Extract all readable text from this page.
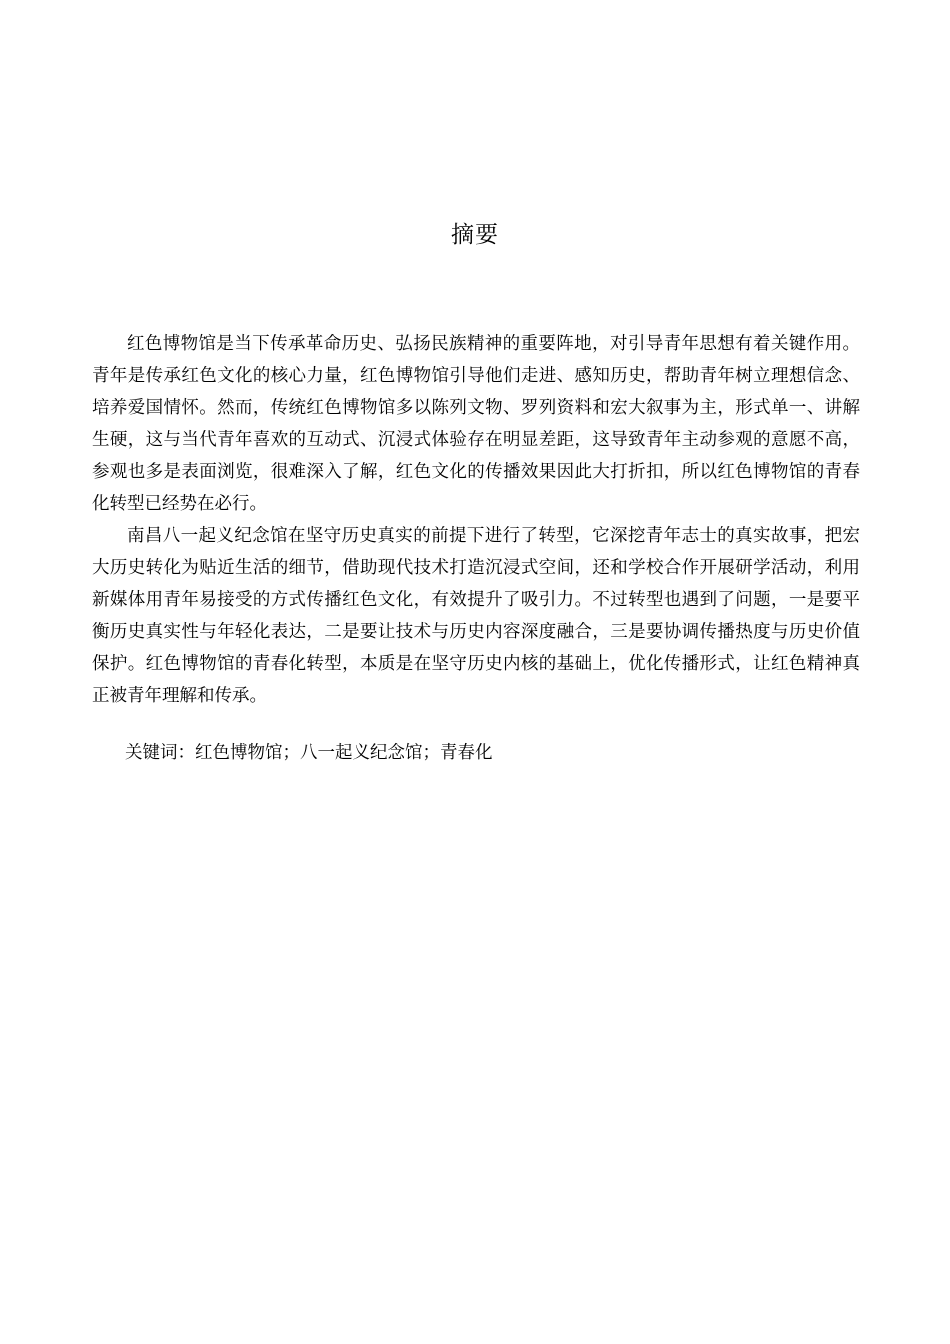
摘要

红色博物馆是当下传承革命历史、弘扬民族精神的重要阵地，对引导青年思想有着关键作用。青年是传承红色文化的核心力量，红色博物馆引导他们走进、感知历史，帮助青年树立理想信念、培养爱国情怀。然而，传统红色博物馆多以陈列文物、罗列资料和宏大叙事为主，形式单一、讲解生硬，这与当代青年喜欢的互动式、沉浸式体验存在明显差距，这导致青年主动参观的意愿不高，参观也多是表面浏览，很难深入了解，红色文化的传播效果因此大打折扣，所以红色博物馆的青春化转型已经势在必行。

南昌八一起义纪念馆在坚守历史真实的前提下进行了转型，它深挖青年志士的真实故事，把宏大历史转化为贴近生活的细节，借助现代技术打造沉浸式空间，还和学校合作开展研学活动，利用新媒体用青年易接受的方式传播红色文化，有效提升了吸引力。不过转型也遇到了问题，一是要平衡历史真实性与年轻化表达，二是要让技术与历史内容深度融合，三是要协调传播热度与历史价值保护。红色博物馆的青春化转型，本质是在坚守历史内核的基础上，优化传播形式，让红色精神真正被青年理解和传承。

关键词：红色博物馆；八一起义纪念馆；青春化
